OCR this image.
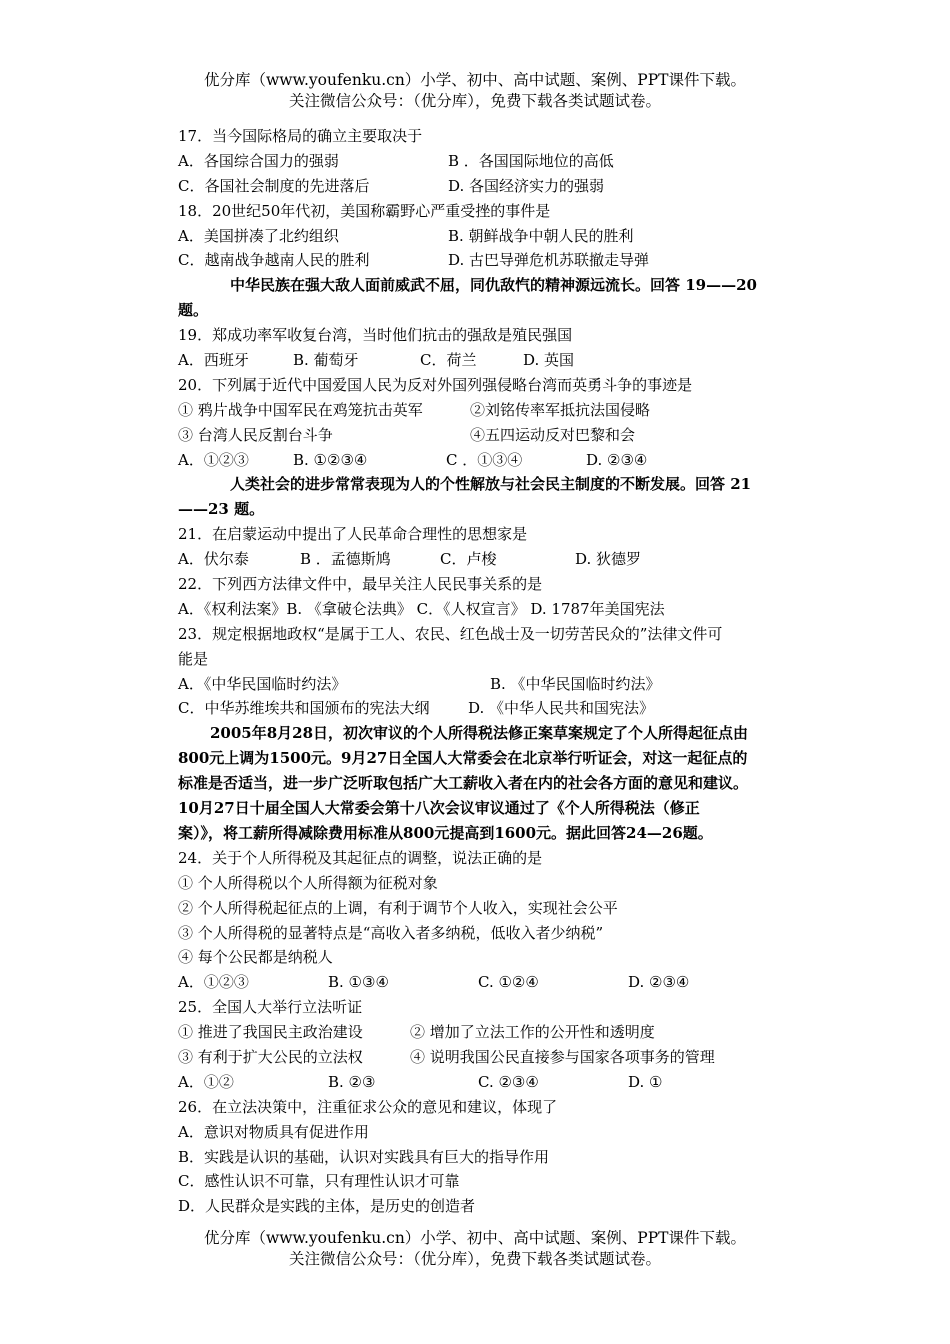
优分库（www.youfenku.cn）小学、初中、高中试题、案例、PPT课件下载。
关注微信公众号：（优分库），免费下载各类试题试卷。
17．当今国际格局的确立主要取决于
A．各国综合国力的强弱	B ．各国国际地位的高低
C．各国社会制度的先进落后	D. 各国经济实力的强弱
18．20世纪50年代初，美国称霸野心严重受挫的事件是
A．美国拼凑了北约组织	B. 朝鲜战争中朝人民的胜利
C．越南战争越南人民的胜利	D. 古巴导弹危机苏联撤走导弹
中华民族在强大敌人面前威武不屈，同仇敌忾的精神源远流长。回答 19——20
题。
19．郑成功率军收复台湾，当时他们抗击的强敌是殖民强国
A．西班牙	B. 葡萄牙	C．荷兰	D. 英国
20．下列属于近代中国爱国人民为反对外国列强侵略台湾而英勇斗争的事迹是
① 鸦片战争中国军民在鸡笼抗击英军	②刘铭传率军抵抗法国侵略
③ 台湾人民反割台斗争	④五四运动反对巴黎和会
A．①②③	B. ①②③④	C ．①③④	D. ②③④
人类社会的进步常常表现为人的个性解放与社会民主制度的不断发展。回答 21
——23 题。
21．在启蒙运动中提出了人民革命合理性的思想家是
A．伏尔泰	B ．孟德斯鸠	C．卢梭	D. 狄德罗
22．下列西方法律文件中，最早关注人民民事关系的是
A．《权利法案》B. 《拿破仑法典》 C．《人权宣言》 D. 1787年美国宪法
23．规定根据地政权“是属于工人、农民、红色战士及一切劳苦民众的”法律文件可
能是
A．《中华民国临时约法》	B. 《中华民国临时约法》
C．中华苏维埃共和国颁布的宪法大纲	D. 《中华人民共和国宪法》
2005年8月28日，初次审议的个人所得税法修正案草案规定了个人所得起征点由
800元上调为1500元。9月27日全国人大常委会在北京举行听证会，对这一起征点的
标准是否适当，进一步广泛听取包括广大工薪收入者在内的社会各方面的意见和建议。
10月27日十届全国人大常委会第十八次会议审议通过了《个人所得税法（修正
案）》，将工薪所得减除费用标准从800元提高到1600元。据此回答24—26题。
24．关于个人所得税及其起征点的调整，说法正确的是
① 个人所得税以个人所得额为征税对象
② 个人所得税起征点的上调，有利于调节个人收入，实现社会公平
③ 个人所得税的显著特点是“高收入者多纳税，低收入者少纳税”
④ 每个公民都是纳税人
A．①②③	B. ①③④	C. ①②④	D. ②③④
25．全国人大举行立法听证
① 推进了我国民主政治建设	② 增加了立法工作的公开性和透明度
③ 有利于扩大公民的立法权	④ 说明我国公民直接参与国家各项事务的管理
A．①②	B. ②③	C. ②③④	D. ①
26．在立法决策中，注重征求公众的意见和建议，体现了
A．意识对物质具有促进作用
B．实践是认识的基础，认识对实践具有巨大的指导作用
C．感性认识不可靠，只有理性认识才可靠
D．人民群众是实践的主体，是历史的创造者
优分库（www.youfenku.cn）小学、初中、高中试题、案例、PPT课件下载。
关注微信公众号：（优分库），免费下载各类试题试卷。
